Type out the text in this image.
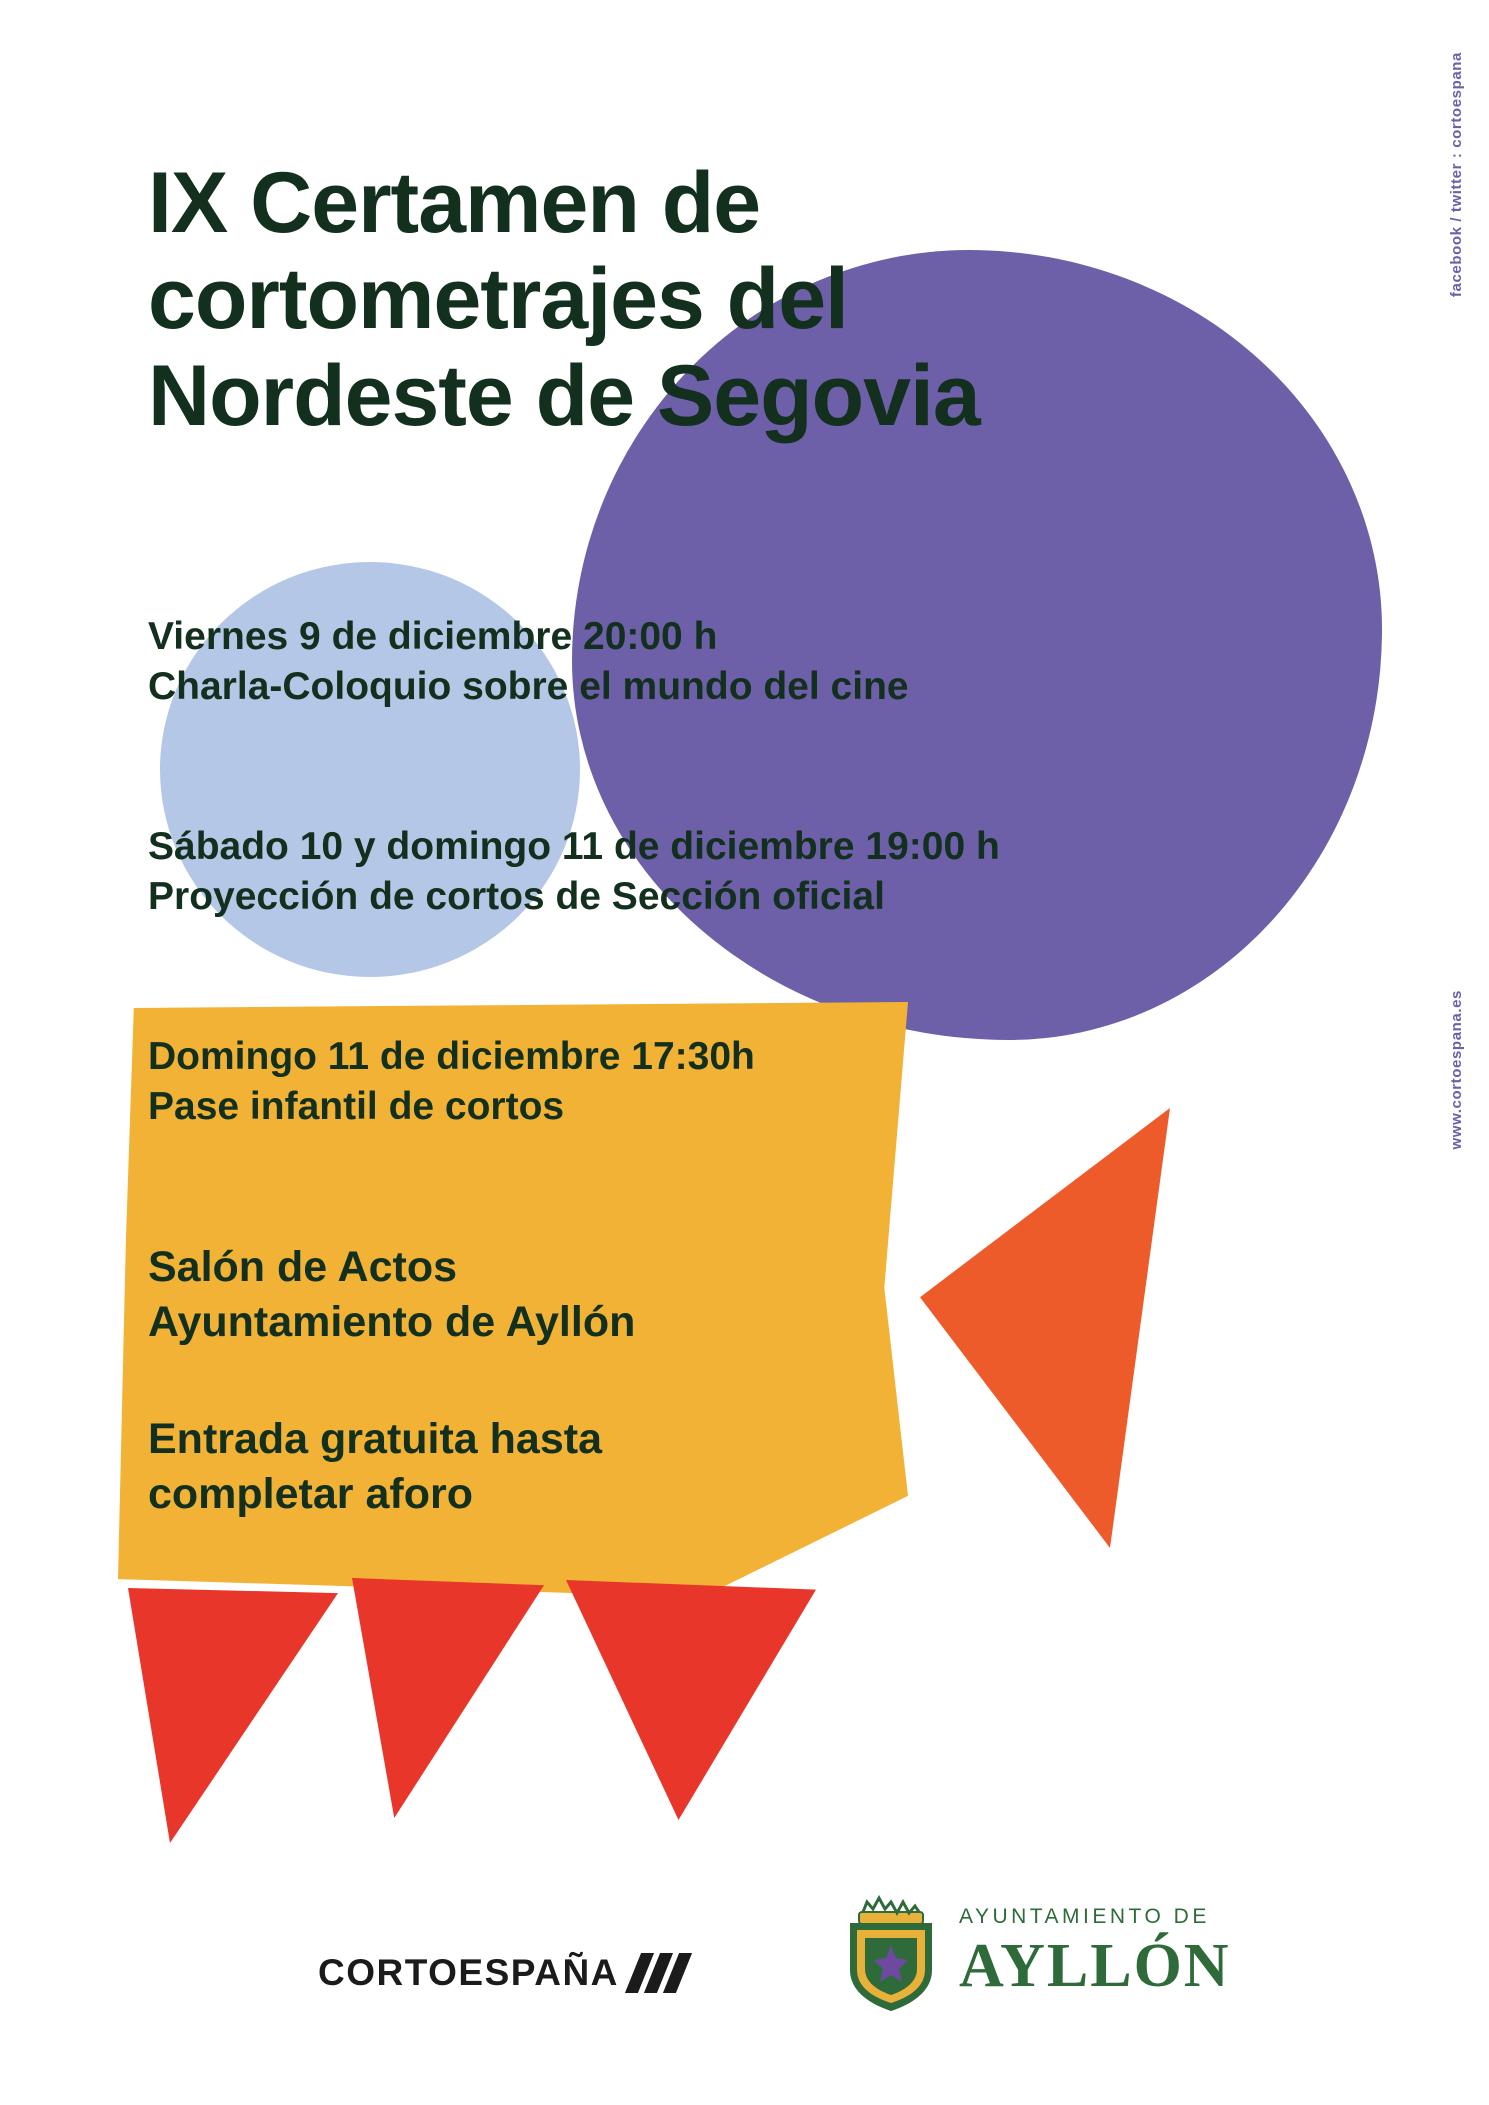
IX Certamen de
cortometrajes del
Nordeste de Segovia
Viernes 9 de diciembre 20:00 h
Charla-Coloquio sobre el mundo del cine
Sábado 10 y domingo 11 de diciembre 19:00 h
Proyección de cortos de Sección oficial
Domingo 11 de diciembre 17:30h
Pase infantil de cortos
Salón de Actos
Ayuntamiento de Ayllón
Entrada gratuita hasta
completar aforo
facebook / twitter : cortoespana
www.cortoespana.es
CORTOESPAÑA
AYUNTAMIENTO DE
AYLLÓN
